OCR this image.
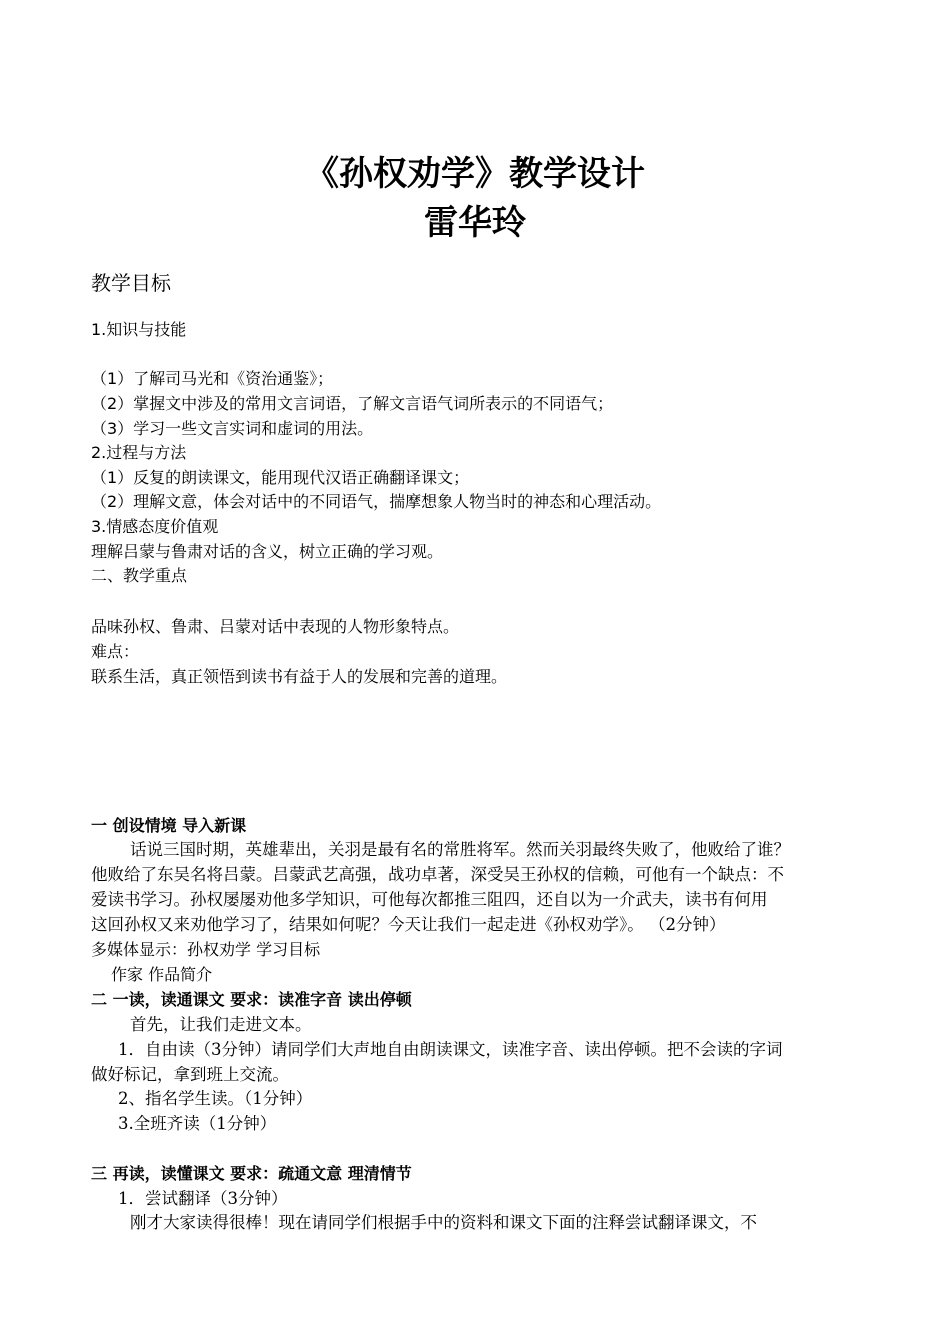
《孙权劝学》教学设计
雷华玲
教学目标
1.知识与技能
（1）了解司马光和《资治通鉴》；
（2）掌握文中涉及的常用文言词语，了解文言语气词所表示的不同语气；
（3）学习一些文言实词和虚词的用法。
2.过程与方法
（1）反复的朗读课文，能用现代汉语正确翻译课文；
（2）理解文意，体会对话中的不同语气，揣摩想象人物当时的神态和心理活动。
3.情感态度价值观
理解吕蒙与鲁肃对话的含义，树立正确的学习观。
二、教学重点
品味孙权、鲁肃、吕蒙对话中表现的人物形象特点。
难点：
联系生活，真正领悟到读书有益于人的发展和完善的道理。
一 创设情境 导入新课
话说三国时期，英雄辈出，关羽是最有名的常胜将军。然而关羽最终失败了，他败给了谁？
他败给了东吴名将吕蒙。吕蒙武艺高强，战功卓著，深受吴王孙权的信赖，可他有一个缺点：不
爱读书学习。孙权屡屡劝他多学知识，可他每次都推三阻四，还自以为一介武夫，读书有何用
这回孙权又来劝他学习了，结果如何呢？今天让我们一起走进《孙权劝学》。 （2分钟）
多媒体显示：孙权劝学 学习目标
作家 作品简介
二 一读，读通课文 要求：读准字音 读出停顿
首先，让我们走进文本。
1．自由读（3分钟）请同学们大声地自由朗读课文，读准字音、读出停顿。把不会读的字词
做好标记，拿到班上交流。
2、指名学生读。（1分钟）
3.全班齐读（1分钟）
三 再读，读懂课文 要求：疏通文意 理清情节
1．尝试翻译（3分钟）
刚才大家读得很棒！现在请同学们根据手中的资料和课文下面的注释尝试翻译课文，不
